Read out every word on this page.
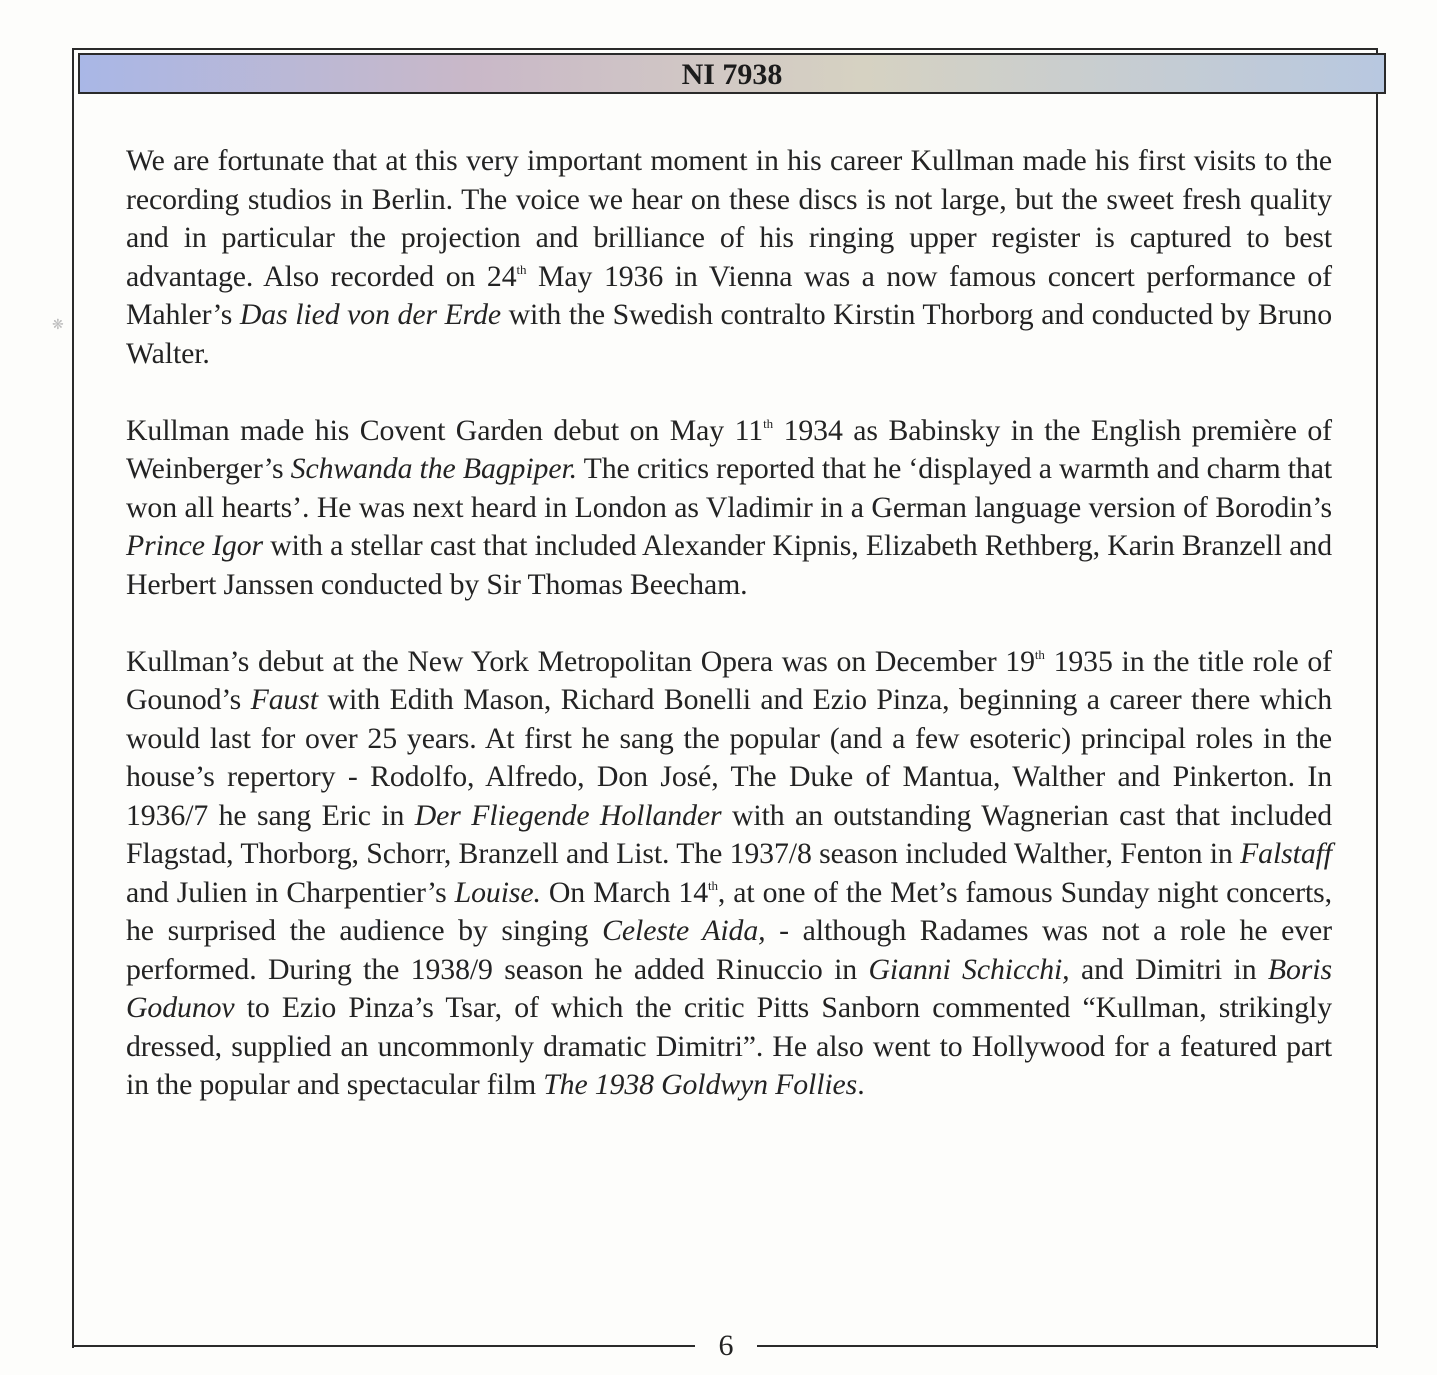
NI 7938
❋

We are fortunate that at this very important moment in his career Kullman made his first visits to the recording studios in Berlin. The voice we hear on these discs is not large, but the sweet fresh quality and in particular the projection and brilliance of his ringing upper register is captured to best advantage. Also recorded on 24th May 1936 in Vienna was a now famous concert performance of Mahler’s Das lied von der Erde with the Swedish contralto Kirstin Thorborg and conducted by Bruno Walter.

Kullman made his Covent Garden debut on May 11th 1934 as Babinsky in the English première of Weinberger’s Schwanda the Bagpiper. The critics reported that he ‘displayed a warmth and charm that won all hearts’. He was next heard in London as Vladimir in a German language version of Borodin’s Prince Igor with a stellar cast that included Alexander Kipnis, Elizabeth Rethberg, Karin Branzell and Herbert Janssen conducted by Sir Thomas Beecham.

Kullman’s debut at the New York Metropolitan Opera was on December 19th 1935 in the title role of Gounod’s Faust with Edith Mason, Richard Bonelli and Ezio Pinza, beginning a career there which would last for over 25 years. At first he sang the popular (and a few esoteric) principal roles in the house’s repertory - Rodolfo, Alfredo, Don José, The Duke of Mantua, Walther and Pinkerton. In 1936/7 he sang Eric in Der Fliegende Hollander with an outstanding Wagnerian cast that included Flagstad, Thorborg, Schorr, Branzell and List. The 1937/8 season included Walther, Fenton in Falstaff and Julien in Charpentier’s Louise. On March 14th, at one of the Met’s famous Sunday night concerts, he surprised the audience by singing Celeste Aida, - although Radames was not a role he ever performed. During the 1938/9 season he added Rinuccio in Gianni Schicchi, and Dimitri in Boris Godunov to Ezio Pinza’s Tsar, of which the critic Pitts Sanborn commented “Kullman, strikingly dressed, supplied an uncommonly dramatic Dimitri”. He also went to Hollywood for a featured part in the popular and spectacular film The 1938 Goldwyn Follies.

6
